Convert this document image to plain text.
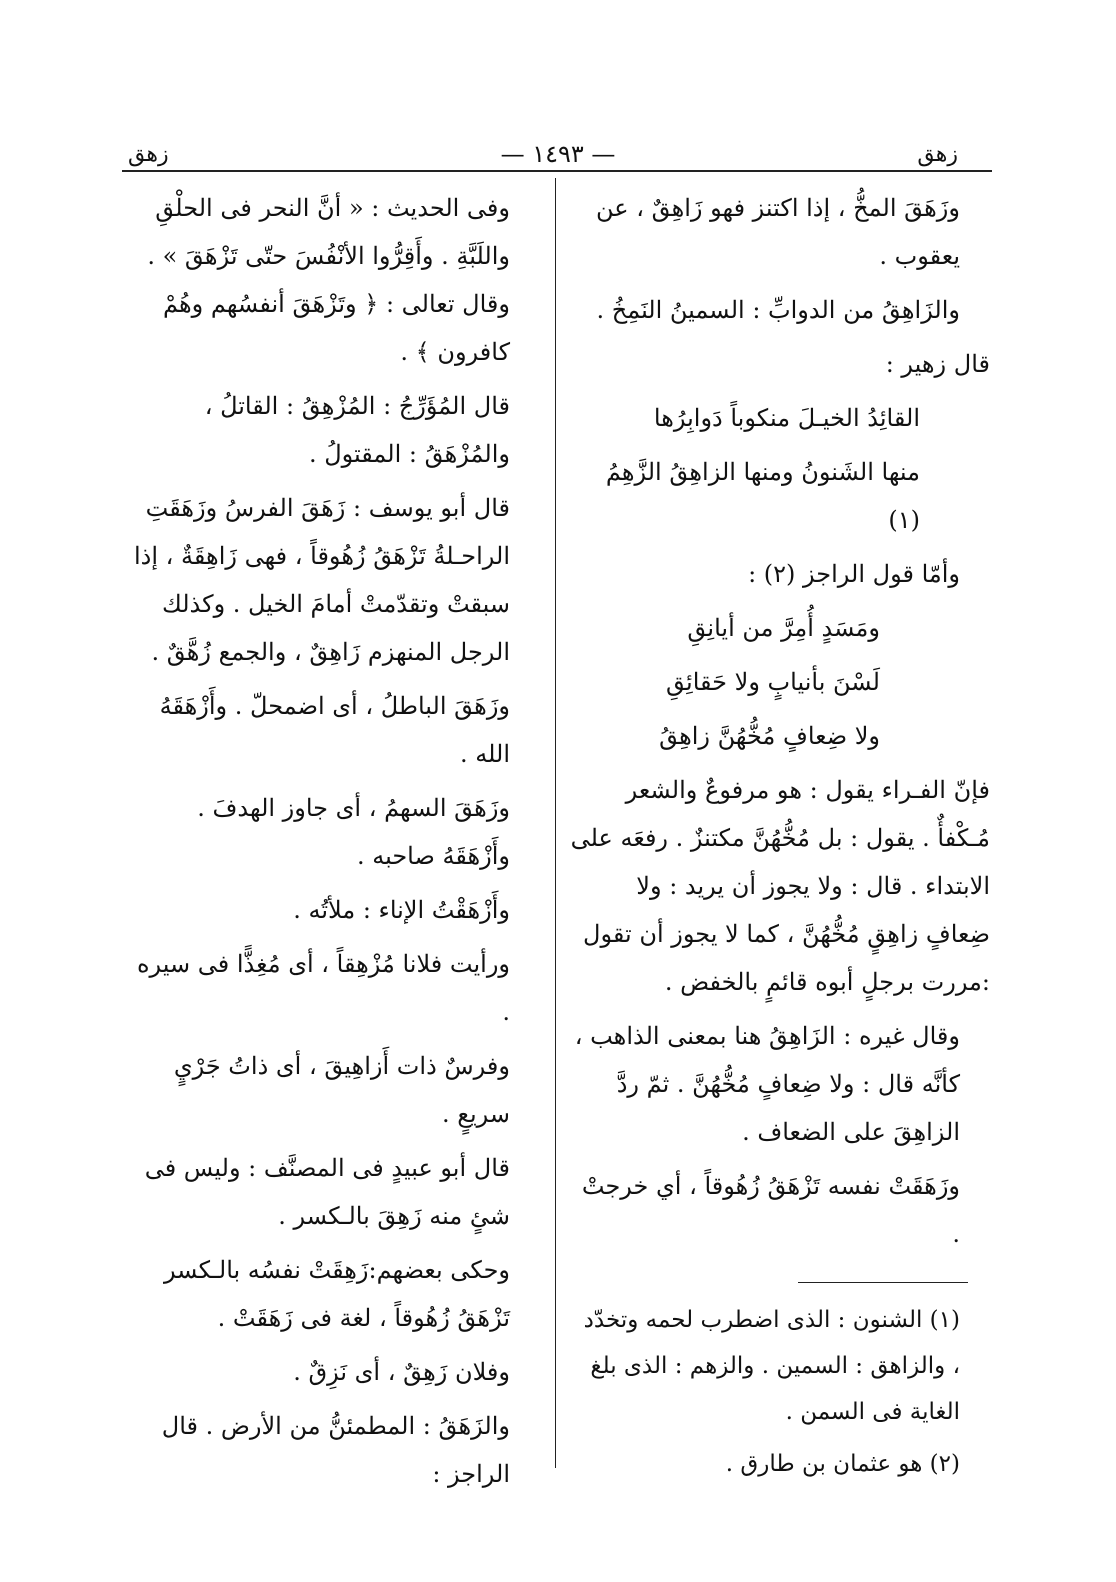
زهق
— ١٤٩٣ —
زهق

وزَهَقَ المخُّ ، إذا اكتنز فهو زَاهِقٌ ، عن يعقوب .

والزَاهِقُ من الدوابِّ : السمينُ النَمِخُ .

قال زهير :

القائِدُ الخيـلَ منكوباً دَوابِرُها

منها الشَنونُ ومنها الزاهِقُ الزَّهِمُ (١)

وأمّا قول الراجز (٢) :

ومَسَدٍ أُمِرَّ من أيانِقِ

لَسْنَ بأنيابٍ ولا حَقائِقِ

ولا ضِعافٍ مُخُّهُنَّ زاهِقُ

فإنّ الفـراء يقول : هو مرفوعٌ والشعر مُـكْفأٌ . يقول : بل مُخُّهُنَّ مكتنزٌ . رفعَه على الابتداء . قال : ولا يجوز أن يريد : ولا ضِعافٍ زاهِقٍ مُخُّهُنَّ ، كما لا يجوز أن تقول :مررت برجلٍ أبوه قائمٍ بالخفض .

وقال غيره : الزَاهِقُ هنا بمعنى الذاهب ، كأنَّه قال : ولا ضِعافٍ مُخُّهُنَّ . ثمّ ردَّ الزاهِقَ على الضعاف .

وزَهَقَتْ نفسه تَزْهَقُ زُهُوقاً ، أي خرجتْ .

(١) الشنون : الذى اضطرب لحمه وتخدّد ، والزاهق : السمين . والزهم : الذى بلغ الغاية فى السمن .

(٢) هو عثمان بن طارق .

وفى الحديث : « أنَّ النحر فى الحلْقِ واللَبَّةِ . وأَقِرُّوا الأنْفُسَ حتّى تَزْهَقَ » . وقال تعالى : ﴿ وتَزْهَقَ أنفسُهم وهُمْ كافرون ﴾ .

قال المُؤَرِّجُ : المُزْهِقُ : القاتلُ ، والمُزْهَقُ : المقتولُ .

قال أبو يوسف : زَهَقَ الفرسُ وزَهَقَتِ الراحـلةُ تَزْهَقُ زُهُوقاً ، فهى زَاهِقَةٌ ، إذا سبقتْ وتقدّمتْ أمامَ الخيل . وكذلك الرجل المنهزم زَاهِقٌ ، والجمع زُهَّقٌ .

وزَهَقَ الباطلُ ، أى اضمحلّ . وأَزْهَقَهُ الله .

وزَهَقَ السهمُ ، أى جاوز الهدفَ . وأَزْهَقَهُ صاحبه .

وأَزْهَقْتُ الإناء : ملأتُه .

ورأيت فلانا مُزْهِقاً ، أى مُغِذًّا فى سيره .

وفرسٌ ذات أَزاهِيقَ ، أى ذاتُ جَرْيٍ سريعٍ .

قال أبو عبيدٍ فى المصنَّف : وليس فى شئٍ منه زَهِقَ بالـكسر .

وحكى بعضهم:زَهِقَتْ نفسُه بالـكسر تَزْهَقُ زُهُوقاً ، لغة فى زَهَقَتْ .

وفلان زَهِقٌ ، أى نَزِقٌ .

والزَهَقُ : المطمئنُّ من الأرض . قال الراجز :
